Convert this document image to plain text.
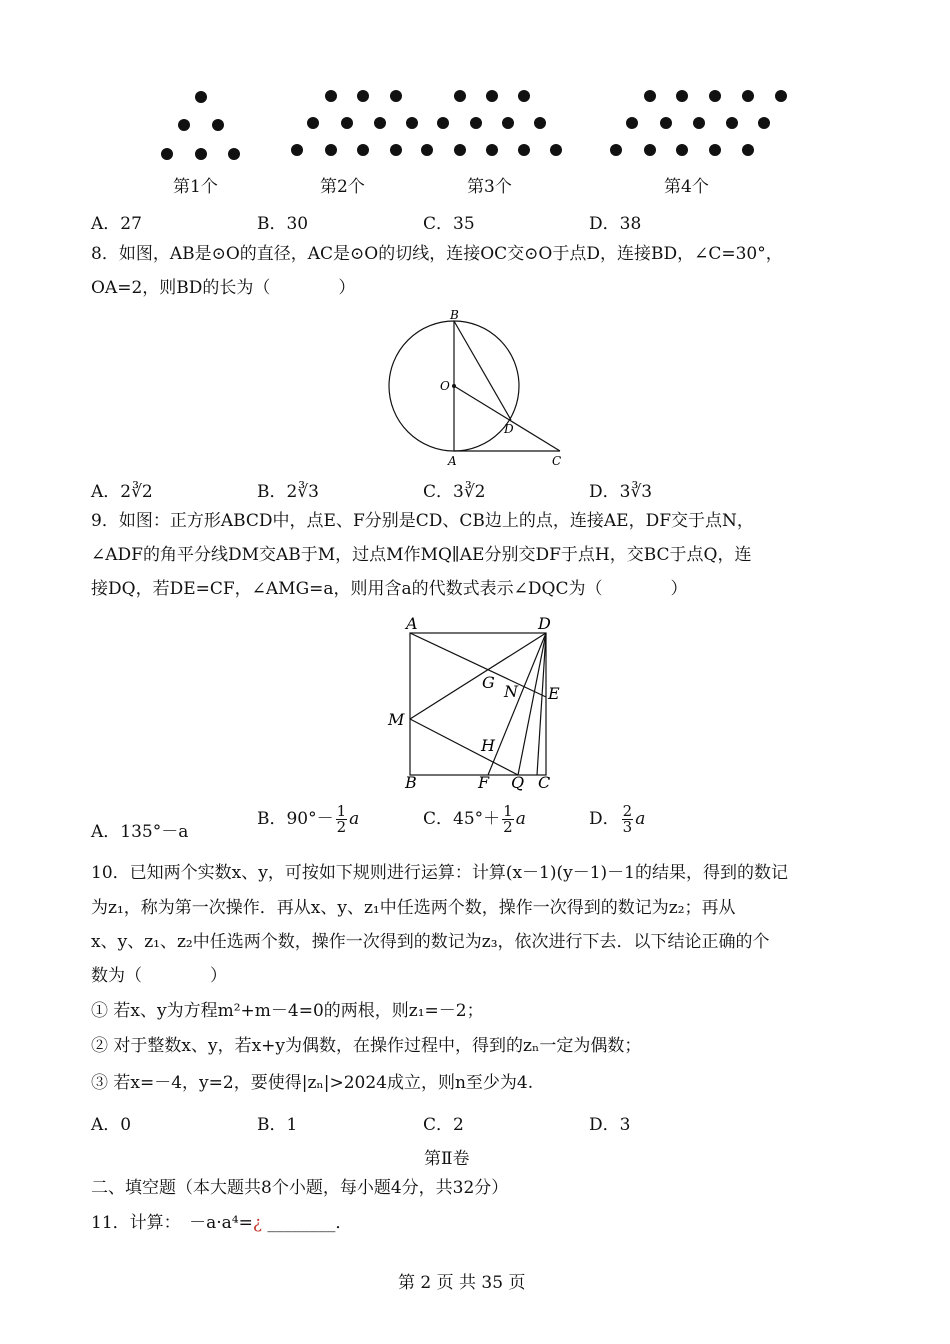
第1个	第2个	第3个	第4个
A．27	B．30	C．35	D．38
8．如图，AB是⊙O的直径，AC是⊙O的切线，连接OC交⊙O于点D，连接BD，∠C=30°，
OA=2，则BD的长为（　　　　）
B
O
D
A	C
A．2∛2	B．2∛3	C．3∛2	D．3∛3
9．如图：正方形ABCD中，点E、F分别是CD、CB边上的点，连接AE，DF交于点N，
∠ADF的角平分线DM交AB于M，过点M作MQ∥AE分别交DF于点H，交BC于点Q，连
接DQ，若DE=CF，∠AMG=a，则用含a的代数式表示∠DQC为（　　　　）
A	D
G N E
M
H
B	F Q C
A．135°－a
B．$90^\circ- \frac{1}{2}$ a	C．$45^\circ+ \frac{1}{2}$ a	D． $\frac{2}{3}$ a
10．已知两个实数x、y，可按如下规则进行运算：计算(x－1)(y－1)－1的结果，得到的数记
为z₁，称为第一次操作．再从x、y、z₁中任选两个数，操作一次得到的数记为z₂；再从
x、y、z₁、z₂中任选两个数，操作一次得到的数记为z₃，依次进行下去．以下结论正确的个
数为（　　　　）
① 若x、y为方程m²+m－4=0的两根，则z₁=－2；
② 对于整数x、y，若x+y为偶数，在操作过程中，得到的zₙ一定为偶数；
③ 若x=－4，y=2，要使得|zₙ|>2024成立，则n至少为4.
A．0	B．1	C．2	D．3
第Ⅱ卷
二、填空题（本大题共8个小题，每小题4分，共32分）
11．计算：　－a·a⁴=¿ ________．
第 2 页 共 35 页
